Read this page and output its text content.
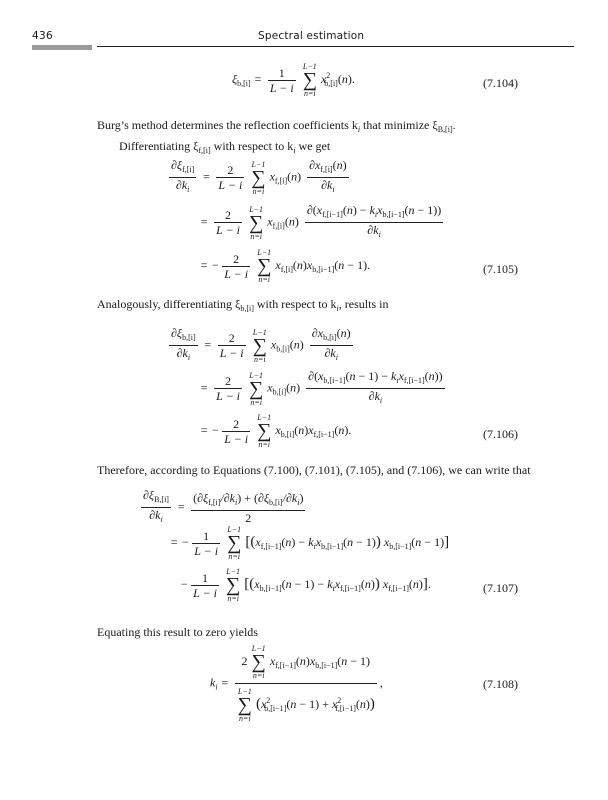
436	Spectral estimation
$\xi_{b,[i]} = \frac{1}{L - i}$
L−1
∑
n=i
$x^2_{b,[i]}(n)$.	(7.104)
Burg’s method determines the reflection coefficients $k_i$ that minimize $\xi_{B,[i]}$.
Differentiating $\xi_{f,[i]}$ with respect to $k_i$ we get
$\frac{\partial\xi_{f,[i]}}{\partial k_i} = \frac{2}{L - i}$
L−1
∑
n=i
$x_{f,[i]}(n) \frac{\partial x_{f,[i]}(n)}{\partial k_i}$
= $\frac{2}{L - i}$
L−1
∑
n=i
$x_{f,[i]}(n) \frac{\partial(x_{f,[i-1]}(n) - k_ix_{b,[i-1]}(n - 1))}{\partial k_i}$
= − $\frac{2}{L - i}$
L−1
∑
n=i
$x_{f,[i]}(n)x_{b,[i-1]}(n - 1)$.	(7.105)
Analogously, differentiating $\xi_{b,[i]}$ with respect to $k_i$, results in
$\frac{\partial\xi_{b,[i]}}{\partial k_i} = \frac{2}{L - i}$
L−1
∑
n=i
$x_{b,[i]}(n) \frac{\partial x_{b,[i]}(n)}{\partial k_i}$
= $\frac{2}{L - i}$
L−1
∑
n=i
$x_{b,[i]}(n) \frac{\partial(x_{b,[i-1]}(n - 1) - k_ix_{f,[i-1]}(n))}{\partial k_i}$
= − $\frac{2}{L - i}$
L−1
∑
n=i
$x_{b,[i]}(n)x_{f,[i-1]}(n)$.	(7.106)
Therefore, according to Equations (7.100), (7.101), (7.105), and (7.106), we can write that
$\frac{\partial\xi_{B,[i]}}{\partial k_i} = \frac{(\partial\xi_{f,[i]}/\partial k_i) + (\partial\xi_{b,[i]}/\partial k_i)}{2}$
= − $\frac{1}{L - i}$
L−1
∑
n=i
$[(x_{f,[i-1]}(n) - k_ix_{b,[i-1]}(n - 1)) x_{b,[i-1]}(n - 1)]$
− $\frac{1}{L - i}$
L−1
∑
n=i
[$(x_{b,[i-1]}(n - 1) - k_ix_{f,[i-1]}(n))$ $x_{f,[i-1]}(n)$].	(7.107)
Equating this result to zero yields
$k_i = 2$
L−1
∑
n=i
$x_{f,[i-1]}(n)x_{b,[i-1]}(n - 1)$
L−1
∑
n=i
$(x^2_{b,[i-1]}(n - 1) + x^2_{f,[i-1]}(n))$ ,	(7.108)
